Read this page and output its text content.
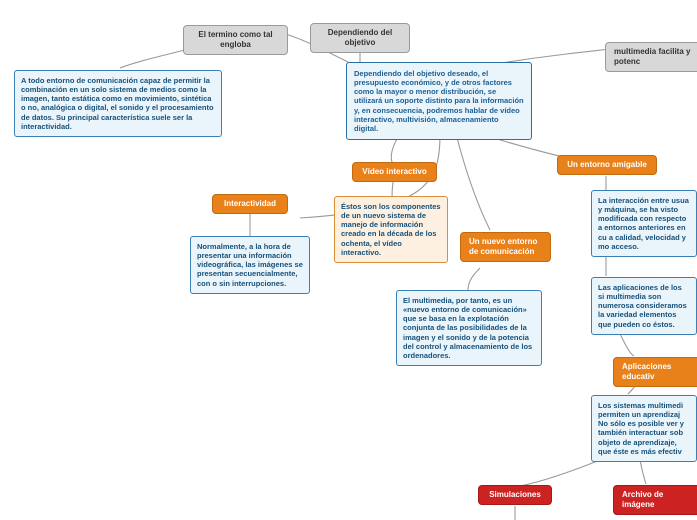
El termino como tal engloba
Dependiendo del objetivo
multimedia facilita y potenc
A todo entorno de comunicación capaz de permitir la combinación en un solo sistema de medios como la imagen, tanto estática como en movimiento, sintética o no, analógica o digital, el sonido y el procesamiento de datos. Su principal característica suele ser la interactividad.
Dependiendo del objetivo deseado, el presupuesto económico, y de otros factores como la mayor o menor distribución, se utilizará un soporte distinto para la información y, en consecuencia, podremos hablar de vídeo interactivo, multivisión, almacenamiento digital.
Vídeo interactivo
Interactividad
Un entorno amigable
Un nuevo entorno de comunicación
Aplicaciones educativ
Simulaciones	Archivo de imágene
Normalmente, a la hora de presentar una información videográfica, las imágenes se presentan secuencialmente, con o sin interrupciones.
Éstos son los componentes de un nuevo sistema de manejo de información creado en la década de los ochenta, el vídeo interactivo.
El multimedia, por tanto, es un «nuevo entorno de comunicación» que se basa en la explotación conjunta de las posibilidades de la imagen y el sonido y de la potencia del control y almacenamiento de los ordenadores.
La interacción entre usua y máquina, se ha visto modificada con respecto a entornos anteriores en cu a calidad, velocidad y mo acceso.
Las aplicaciones de los si multimedia son numerosa consideramos la variedad elementos que pueden co éstos.
Los sistemas multimedi permiten un aprendizaj No sólo es posible ver y también interactuar sob objeto de aprendizaje, que éste es más efectiv
